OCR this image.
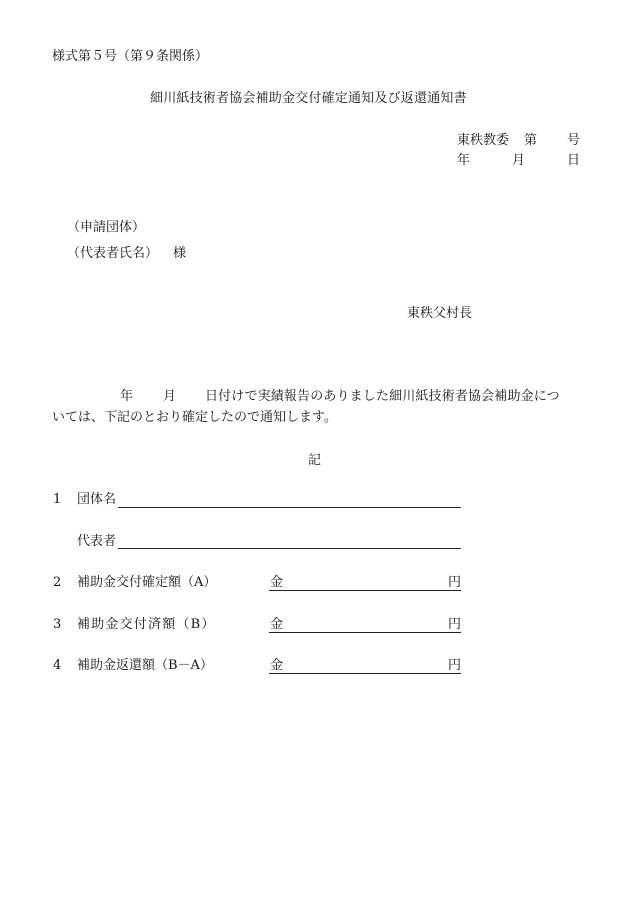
様式第５号（第９条関係）
細川紙技術者協会補助金交付確定通知及び返還通知書
東秩教委 第 号
年	月	日
（申請団体）
（代表者氏名） 様
東秩父村長
年 月 日付けで実績報告のありました細川紙技術者協会補助金につ
いては、下記のとおり確定したので通知します。
記
1 団体名
代表者
2 補助金交付確定額（A）	金	円
3 補助金交付済額（B）	金	円
4 補助金返還額（B－A）	金	円
